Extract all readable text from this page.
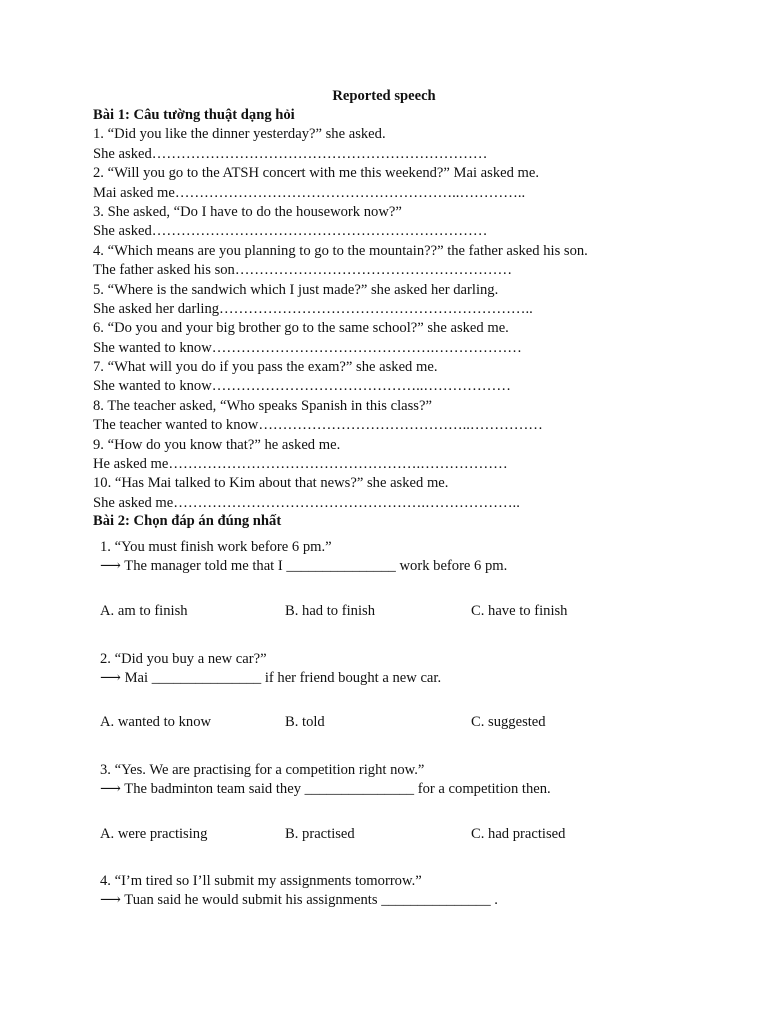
Reported speech
Bài 1: Câu tường thuật dạng hỏi
1. “Did you like the dinner yesterday?” she asked.
She asked……………………………………………………………
2. “Will you go to the ATSH concert with me this weekend?” Mai asked me.
Mai asked me…………………………………………………..…………..
3. She asked, “Do I have to do the housework now?”
She asked……………………………………………………………
4. “Which means are you planning to go to the mountain??” the father asked his son.
The father asked his son…………………………………………………
5. “Where is the sandwich which I just made?” she asked her darling.
She asked her darling………………………………………………………..
6. “Do you and your big brother go to the same school?” she asked me.
She wanted to know……………………………………….………………
7. “What will you do if you pass the exam?” she asked me.
She wanted to know……………………………………..………………
8. The teacher asked, “Who speaks Spanish in this class?”
The teacher wanted to know……………………………………..……………
9. “How do you know that?” he asked me.
He asked me…………………………………………….………………
10. “Has Mai talked to Kim about that news?” she asked me.
She asked me…………………………………………….………………..
Bài 2: Chọn đáp án đúng nhất
1. “You must finish work before 6 pm.”
⟶ The manager told me that I _______________ work before 6 pm.
A. am to finish	B. had to finish	C. have to finish
2. “Did you buy a new car?”
⟶ Mai _______________ if her friend bought a new car.
A. wanted to know	B. told	C. suggested
3. “Yes. We are practising for a competition right now.”
⟶ The badminton team said they _______________ for a competition then.
A. were practising	B. practised	C. had practised
4. “I’m tired so I’ll submit my assignments tomorrow.”
⟶ Tuan said he would submit his assignments _______________ .
